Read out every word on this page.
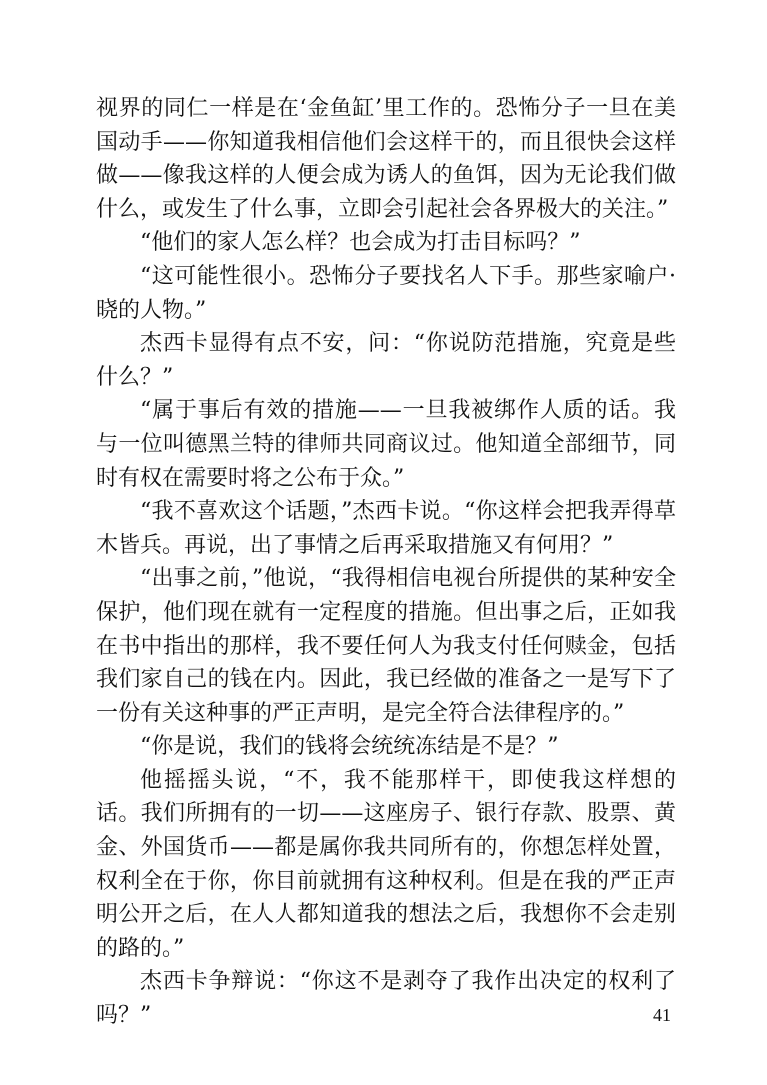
视界的同仁一样是在‘金鱼缸’里工作的。恐怖分子一旦在美国动手——你知道我相信他们会这样干的，而且很快会这样做——像我这样的人便会成为诱人的鱼饵，因为无论我们做什么，或发生了什么事，立即会引起社会各界极大的关注。”

“他们的家人怎么样？也会成为打击目标吗？”

“这可能性很小。恐怖分子要找名人下手。那些家喻户·晓的人物。”

杰西卡显得有点不安，问：“你说防范措施，究竟是些什么？”

“属于事后有效的措施——一旦我被绑作人质的话。我与一位叫德黑兰特的律师共同商议过。他知道全部细节，同时有权在需要时将之公布于众。”

“我不喜欢这个话题，”杰西卡说。“你这样会把我弄得草木皆兵。再说，出了事情之后再采取措施又有何用？”

“出事之前，”他说，“我得相信电视台所提供的某种安全保护，他们现在就有一定程度的措施。但出事之后，正如我在书中指出的那样，我不要任何人为我支付任何赎金，包括我们家自己的钱在内。因此，我已经做的准备之一是写下了一份有关这种事的严正声明，是完全符合法律程序的。”

“你是说，我们的钱将会统统冻结是不是？”

他摇摇头说，“不，我不能那样干，即使我这样想的话。我们所拥有的一切——这座房子、银行存款、股票、黄金、外国货币——都是属你我共同所有的，你想怎样处置，权利全在于你，你目前就拥有这种权利。但是在我的严正声明公开之后，在人人都知道我的想法之后，我想你不会走别的路的。”

杰西卡争辩说：“你这不是剥夺了我作出决定的权利了吗？”	41
